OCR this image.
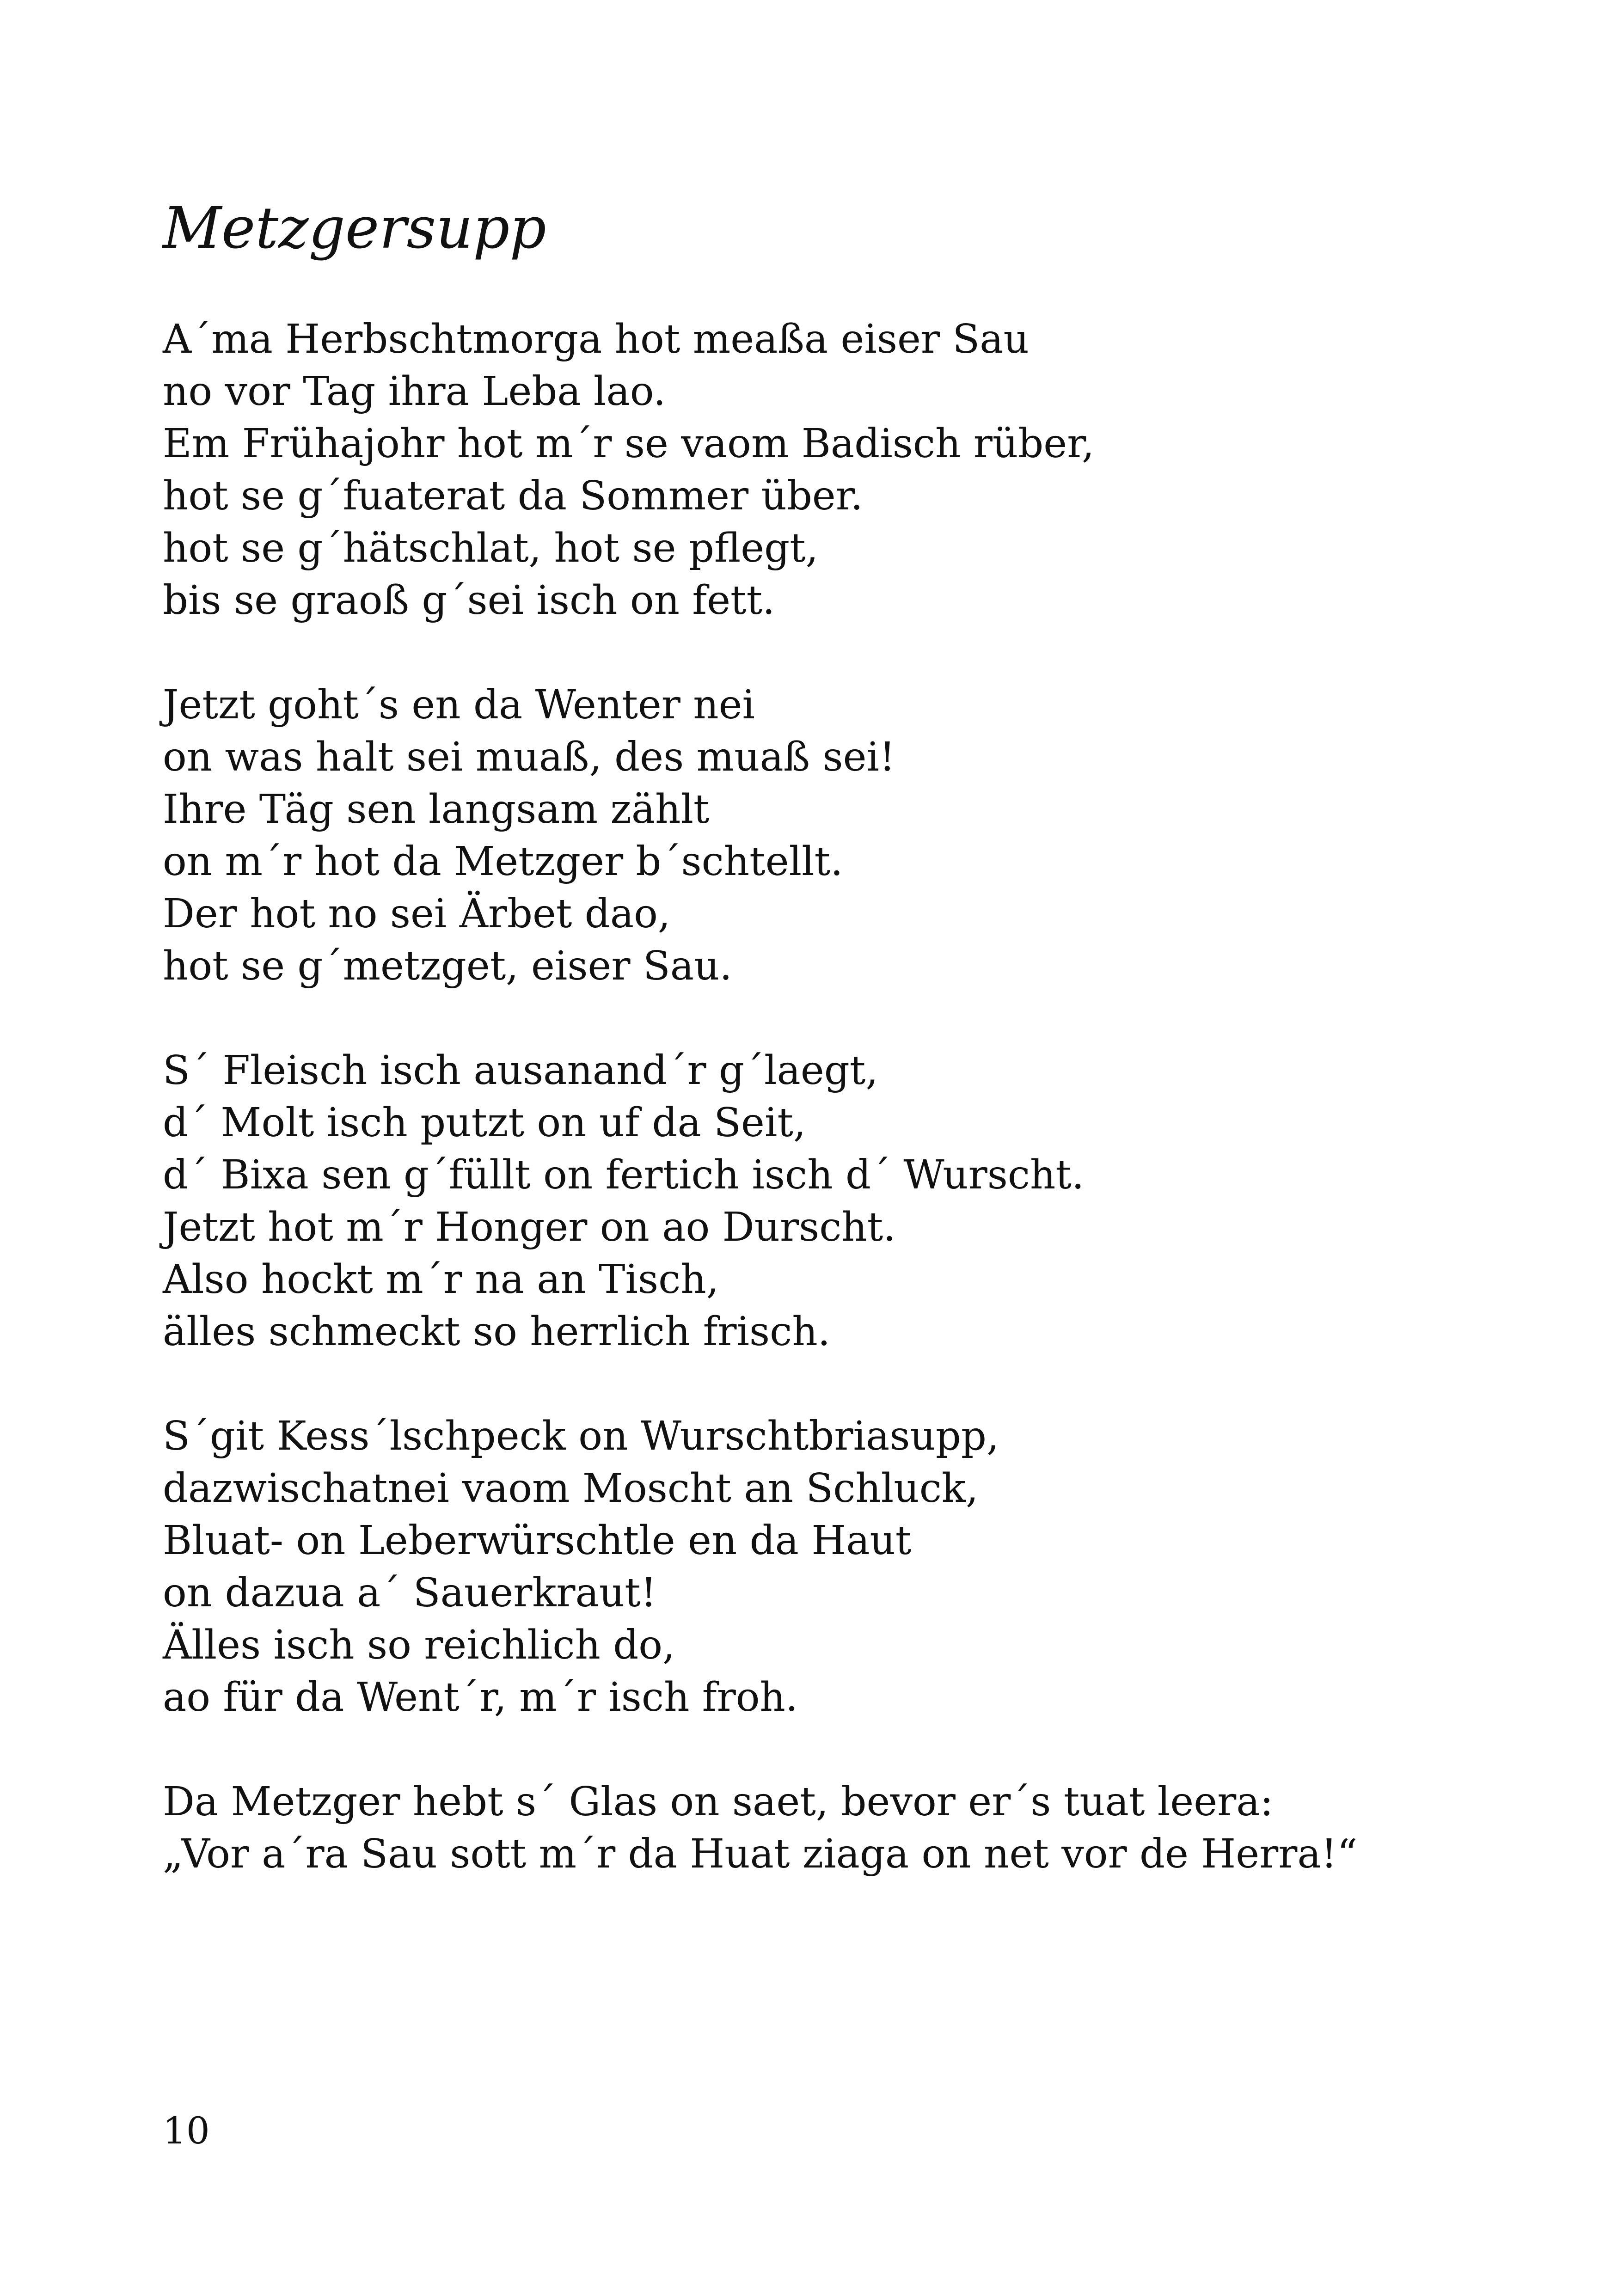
Metzgersupp
A´ma Herbschtmorga hot meaßa eiser Sau
no vor Tag ihra Leba lao.
Em Frühajohr hot m´r se vaom Badisch rüber,
hot se g´fuaterat da Sommer über.
hot se g´hätschlat, hot se pflegt,
bis se graoß g´sei isch on fett.
Jetzt goht´s en da Wenter nei
on was halt sei muaß, des muaß sei!
Ihre Täg sen langsam zählt
on m´r hot da Metzger b´schtellt.
Der hot no sei Ärbet dao,
hot se g´metzget, eiser Sau.
S´ Fleisch isch ausanand´r g´laegt,
d´ Molt isch putzt on uf da Seit,
d´ Bixa sen g´füllt on fertich isch d´ Wurscht.
Jetzt hot m´r Honger on ao Durscht.
Also hockt m´r na an Tisch,
älles schmeckt so herrlich frisch.
S´git Kess´lschpeck on Wurschtbriasupp,
dazwischatnei vaom Moscht an Schluck,
Bluat- on Leberwürschtle en da Haut
on dazua a´ Sauerkraut!
Älles isch so reichlich do,
ao für da Went´r, m´r isch froh.
Da Metzger hebt s´ Glas on saet, bevor er´s tuat leera:
„Vor a´ra Sau sott m´r da Huat ziaga on net vor de Herra!“
10
